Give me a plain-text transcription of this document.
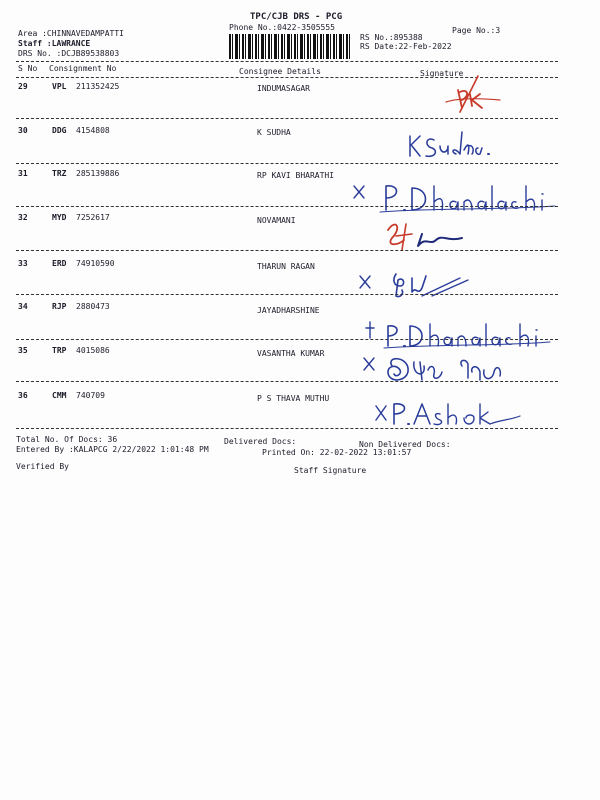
TPC/CJB DRS - PCG
Phone No.:0422-3505555
Area :CHINNAVEDAMPATTI
Staff :LAWRANCE
DRS No. :DCJB89538803
Page No.:3
RS No.:895388
RS Date:22-Feb-2022
S No Consignment No	Consignee Details	Signature
29	VPL 211352425	INDUMASAGAR
30	DDG 4154808	K SUDHA
31	TRZ 285139886	RP KAVI BHARATHI
32	MYD 7252617	NOVAMANI
33	ERD 74910590	THARUN RAGAN
34	RJP 2880473	JAYADHARSHINE
35	TRP 4015086	VASANTHA KUMAR
36	CMM 740709	P S THAVA MUTHU
Total No. Of Docs: 36	Delivered Docs:	Non Delivered Docs:
Entered By :KALAPCG 2/22/2022 1:01:48 PM	Printed On: 22-02-2022 13:01:57
Verified By	Staff Signature
